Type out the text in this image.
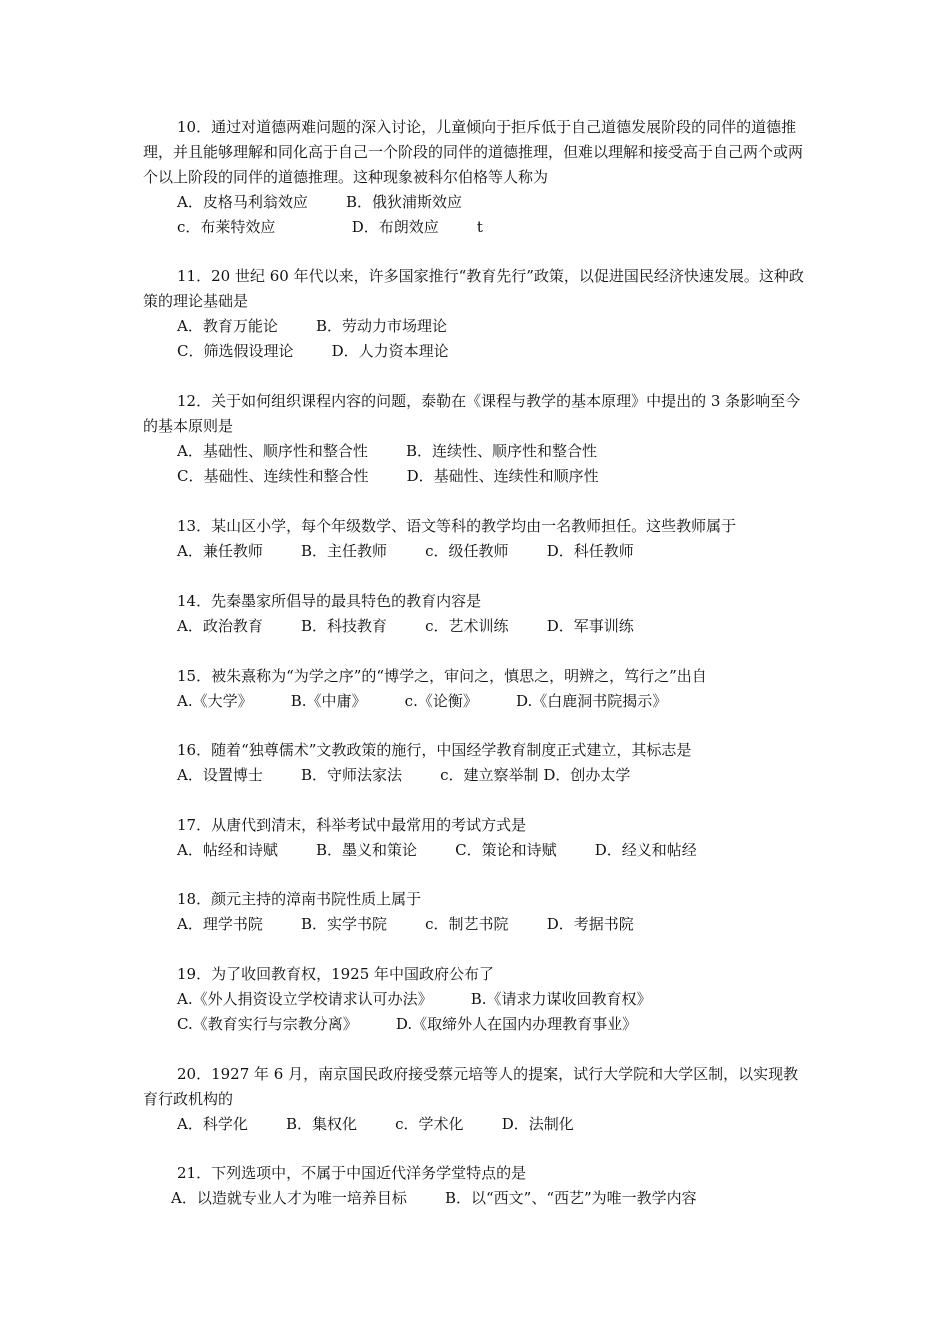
10．通过对道德两难问题的深入讨论，儿童倾向于拒斥低于自己道德发展阶段的同伴的道德推理，并且能够理解和同化高于自己一个阶段的同伴的道德推理，但难以理解和接受高于自己两个或两个以上阶段的同伴的道德推理。这种现象被科尔伯格等人称为
A．皮格马利翁效应        B．俄狄浦斯效应
c．布莱特效应                D．布朗效应        t
11．20 世纪 60 年代以来，许多国家推行“教育先行”政策，以促进国民经济快速发展。这种政策的理论基础是
A．教育万能论        B．劳动力市场理论
C．筛选假设理论        D．人力资本理论
12．关于如何组织课程内容的问题，泰勒在《课程与教学的基本原理》中提出的 3 条影响至今的基本原则是
A．基础性、顺序性和整合性        B．连续性、顺序性和整合性
C．基础性、连续性和整合性        D．基础性、连续性和顺序性
13．某山区小学，每个年级数学、语文等科的教学均由一名教师担任。这些教师属于
A．兼任教师        B．主任教师        c．级任教师        D．科任教师
14．先秦墨家所倡导的最具特色的教育内容是
A．政治教育        B．科技教育        c．艺术训练        D．军事训练
15．被朱熹称为“为学之序”的“博学之，审问之，慎思之，明辨之，笃行之”出自
A.《大学》        B.《中庸》        c.《论衡》        D.《白鹿洞书院揭示》
16．随着“独尊儒术”文教政策的施行，中国经学教育制度正式建立，其标志是
A．设置博士        B．守师法家法        c．建立察举制 D．创办太学
17．从唐代到清末，科举考试中最常用的考试方式是
A．帖经和诗赋        B．墨义和策论        C．策论和诗赋        D．经义和帖经
18．颜元主持的漳南书院性质上属于
A．理学书院        B．实学书院        c．制艺书院        D．考据书院
19．为了收回教育权，1925 年中国政府公布了
A.《外人捐资设立学校请求认可办法》        B.《请求力谋收回教育权》
C.《教育实行与宗教分离》        D.《取缔外人在国内办理教育事业》
20．1927 年 6 月，南京国民政府接受蔡元培等人的提案，试行大学院和大学区制，以实现教育行政机构的
A．科学化        B．集权化        c．学术化        D．法制化
21．下列选项中，不属于中国近代洋务学堂特点的是
A．以造就专业人才为唯一培养目标        B．以“西文”、“西艺”为唯一教学内容
